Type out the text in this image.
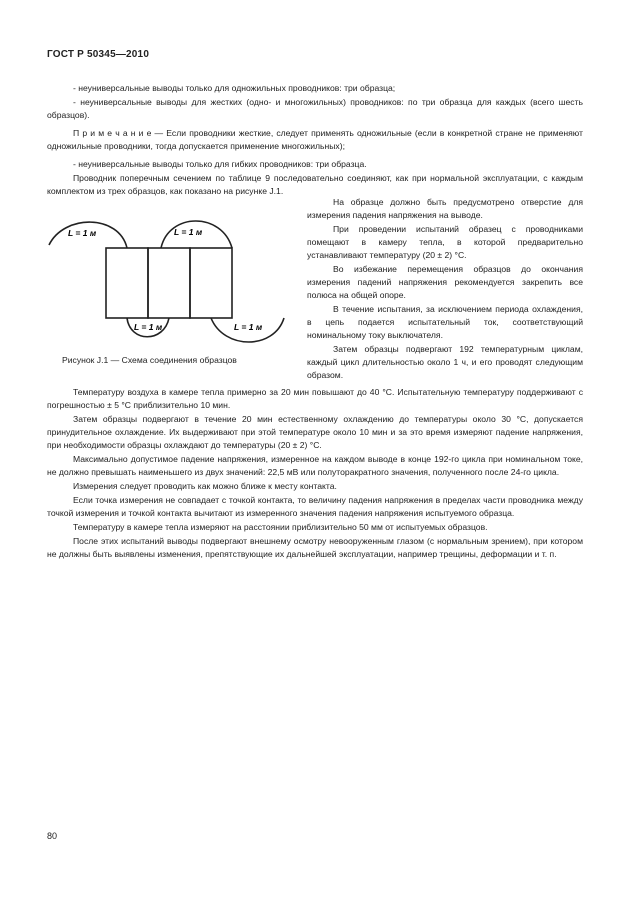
ГОСТ Р 50345—2010

- неуниверсальные выводы только для одножильных проводников: три образца;

- неуниверсальные выводы для жестких (одно- и многожильных) проводников: по три образца для каждых (всего шесть образцов).

П р и м е ч а н и е — Если проводники жесткие, следует применять одножильные (если в конкретной стране не применяют одножильные проводники, тогда допускается применение многожильных);

- неуниверсальные выводы только для гибких проводников: три образца.

Проводник поперечным сечением по таблице 9 последовательно соединяют, как при нормальной эксплуатации, с каждым комплектом из трех образцов, как показано на рисунке J.1.

L = 1 м	L = 1 м
L = 1 м	L = 1 м
Рисунок J.1 — Схема соединения образцов

На образце должно быть предусмотрено отверстие для измерения падения напряжения на выводе.

При проведении испытаний образец с проводниками помещают в камеру тепла, в которой предварительно устанавливают температуру (20 ± 2) °С.

Во избежание перемещения образцов до окончания измерения падений напряжения рекомендуется закрепить все полюса на общей опоре.

В течение испытания, за исключением периода охлаждения, в цепь подается испытательный ток, соответствующий номинальному току выключателя.

Затем образцы подвергают 192 температурным циклам, каждый цикл длительностью около 1 ч, и его проводят следующим образом.

Температуру воздуха в камере тепла примерно за 20 мин повышают до 40 °С. Испытательную температуру поддерживают с погрешностью ± 5 °С приблизительно 10 мин.

Затем образцы подвергают в течение 20 мин естественному охлаждению до температуры около 30 °С, допускается принудительное охлаждение. Их выдерживают при этой температуре около 10 мин и за это время измеряют падение напряжения, при необходимости образцы охлаждают до температуры (20 ± 2) °С.

Максимально допустимое падение напряжения, измеренное на каждом выводе в конце 192-го цикла при номинальном токе, не должно превышать наименьшего из двух значений: 22,5 мВ или полуторакратного значения, полученного после 24-го цикла.

Измерения следует проводить как можно ближе к месту контакта.

Если точка измерения не совпадает с точкой контакта, то величину падения напряжения в пределах части проводника между точкой измерения и точкой контакта вычитают из измеренного значения падения напряжения испытуемого образца.

Температуру в камере тепла измеряют на расстоянии приблизительно 50 мм от испытуемых образцов.

После этих испытаний выводы подвергают внешнему осмотру невооруженным глазом (с нормальным зрением), при котором не должны быть выявлены изменения, препятствующие их дальнейшей эксплуатации, например трещины, деформации и т. п.

80
